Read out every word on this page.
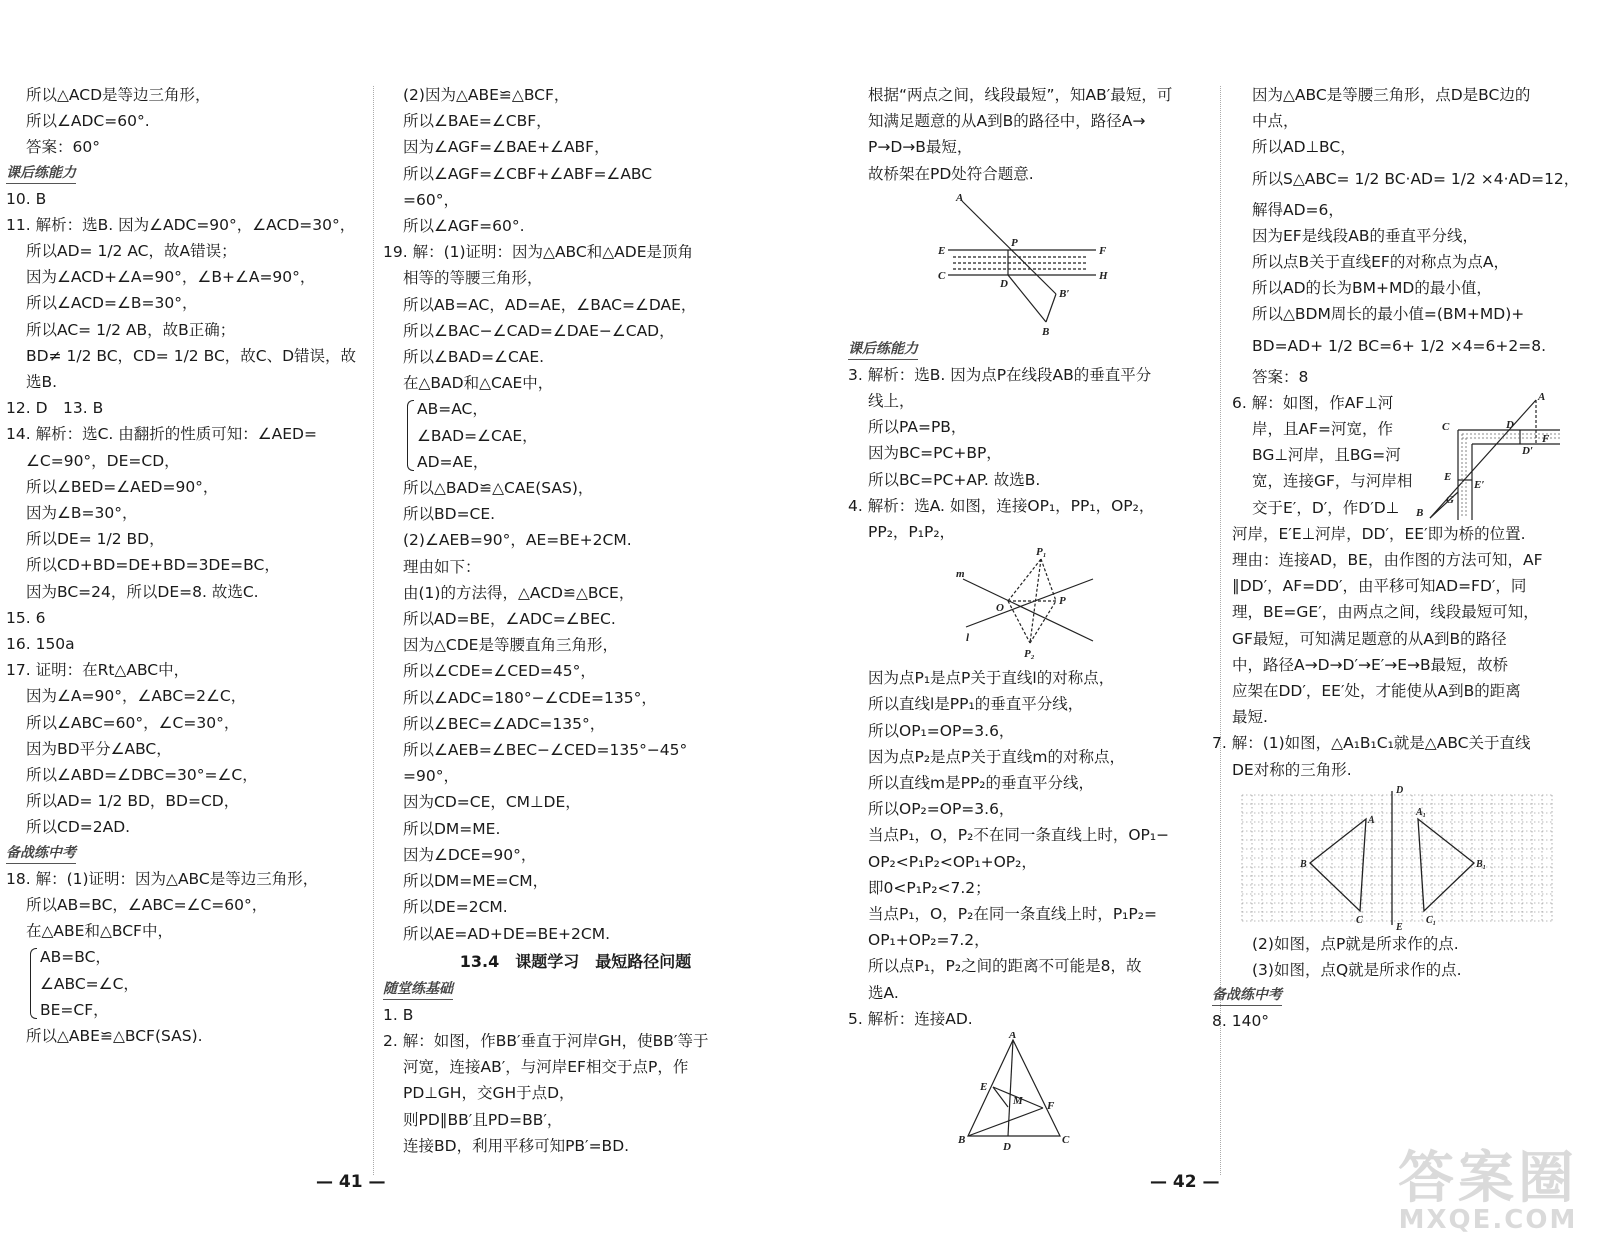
所以△ACD是等边三角形，
所以∠ADC=60°.
答案：60°
课后练能力
10. B
11. 解析：选B. 因为∠ADC=90°，∠ACD=30°，
所以AD= 1/2 AC，故A错误；
因为∠ACD+∠A=90°，∠B+∠A=90°，
所以∠ACD=∠B=30°，
所以AC= 1/2 AB，故B正确；
BD≠ 1/2 BC，CD= 1/2 BC，故C、D错误，故
选B.
12. D　13. B
14. 解析：选C. 由翻折的性质可知：∠AED=
∠C=90°，DE=CD，
所以∠BED=∠AED=90°，
因为∠B=30°，
所以DE= 1/2 BD，
所以CD+BD=DE+BD=3DE=BC，
因为BC=24，所以DE=8. 故选C.
15. 6
16. 150a
17. 证明：在Rt△ABC中，
因为∠A=90°，∠ABC=2∠C，
所以∠ABC=60°，∠C=30°，
因为BD平分∠ABC，
所以∠ABD=∠DBC=30°=∠C，
所以AD= 1/2 BD，BD=CD，
所以CD=2AD.
备战练中考
18. 解：(1)证明：因为△ABC是等边三角形，
所以AB=BC，∠ABC=∠C=60°，
在△ABE和△BCF中，
AB=BC，
∠ABC=∠C，
BE=CF，
所以△ABE≌△BCF(SAS).
(2)因为△ABE≌△BCF，
所以∠BAE=∠CBF，
因为∠AGF=∠BAE+∠ABF，
所以∠AGF=∠CBF+∠ABF=∠ABC
=60°，
所以∠AGF=60°.
19. 解：(1)证明：因为△ABC和△ADE是顶角
相等的等腰三角形，
所以AB=AC，AD=AE，∠BAC=∠DAE，
所以∠BAC−∠CAD=∠DAE−∠CAD，
所以∠BAD=∠CAE.
在△BAD和△CAE中，
AB=AC，
∠BAD=∠CAE，
AD=AE，
所以△BAD≌△CAE(SAS)，
所以BD=CE.
(2)∠AEB=90°，AE=BE+2CM.
理由如下：
由(1)的方法得，△ACD≌△BCE，
所以AD=BE，∠ADC=∠BEC.
因为△CDE是等腰直角三角形，
所以∠CDE=∠CED=45°，
所以∠ADC=180°−∠CDE=135°，
所以∠BEC=∠ADC=135°，
所以∠AEB=∠BEC−∠CED=135°−45°
=90°，
因为CD=CE，CM⊥DE，
所以DM=ME.
因为∠DCE=90°，
所以DM=ME=CM，
所以DE=2CM.
所以AE=AD+DE=BE+2CM.
13.4　课题学习　最短路径问题
随堂练基础
1. B
2. 解：如图，作BB′垂直于河岸GH，使BB′等于
河宽，连接AB′，与河岸EF相交于点P，作
PD⊥GH，交GH于点D，
则PD∥BB′且PD=BB′，
连接BD，利用平移可知PB′=BD.
根据“两点之间，线段最短”，知AB′最短，可
知满足题意的从A到B的路径中，路径A→
P→D→B最短，
故桥架在PD处符合题意.
A
E
P
F
C
D
B′
H
B
课后练能力
3. 解析：选B. 因为点P在线段AB的垂直平分
线上，
所以PA=PB，
因为BC=PC+BP，
所以BC=PC+AP. 故选B.
4. 解析：选A. 如图，连接OP₁，PP₁，OP₂，
PP₂，P₁P₂，
m
P₁
O
P
l
P₂
因为点P₁是点P关于直线l的对称点，
所以直线l是PP₁的垂直平分线，
所以OP₁=OP=3.6，
因为点P₂是点P关于直线m的对称点，
所以直线m是PP₂的垂直平分线，
所以OP₂=OP=3.6，
当点P₁，O，P₂不在同一条直线上时，OP₁−
OP₂<P₁P₂<OP₁+OP₂，
即0<P₁P₂<7.2；
当点P₁，O，P₂在同一条直线上时，P₁P₂=
OP₁+OP₂=7.2，
所以点P₁，P₂之间的距离不可能是8，故
选A.
5. 解析：连接AD.
A
E
M F
B
D
C
因为△ABC是等腰三角形，点D是BC边的
中点，
所以AD⊥BC，
所以S△ABC= 1/2 BC·AD= 1/2 ×4·AD=12，
解得AD=6，
因为EF是线段AB的垂直平分线，
所以点B关于直线EF的对称点为点A，
所以AD的长为BM+MD的最小值，
所以△BDM周长的最小值=(BM+MD)+
BD=AD+ 1/2 BC=6+ 1/2 ×4=6+2=8.
答案：8
6. 解：如图，作AF⊥河
岸，且AF=河宽，作
BG⊥河岸，且BG=河
宽，连接GF，与河岸相
交于E′，D′，作D′D⊥
A
C	D
D′
F
E
E′
G
B
河岸，E′E⊥河岸，DD′，EE′即为桥的位置.
理由：连接AD，BE，由作图的方法可知，AF
∥DD′，AF=DD′，由平移可知AD=FD′，同
理，BE=GE′，由两点之间，线段最短可知，
GF最短，可知满足题意的从A到B的路径
中，路径A→D→D′→E′→E→B最短，故桥
应架在DD′，EE′处，才能使从A到B的距离
最短.
7. 解：(1)如图，△A₁B₁C₁就是△ABC关于直线
DE对称的三角形.
D
A
A₁
B	B₁
C	C₁
E
(2)如图，点P就是所求作的点.
(3)如图，点Q就是所求作的点.
备战练中考
8. 140°
— 41 —	— 42 —	答案圈
MXQE.COM
